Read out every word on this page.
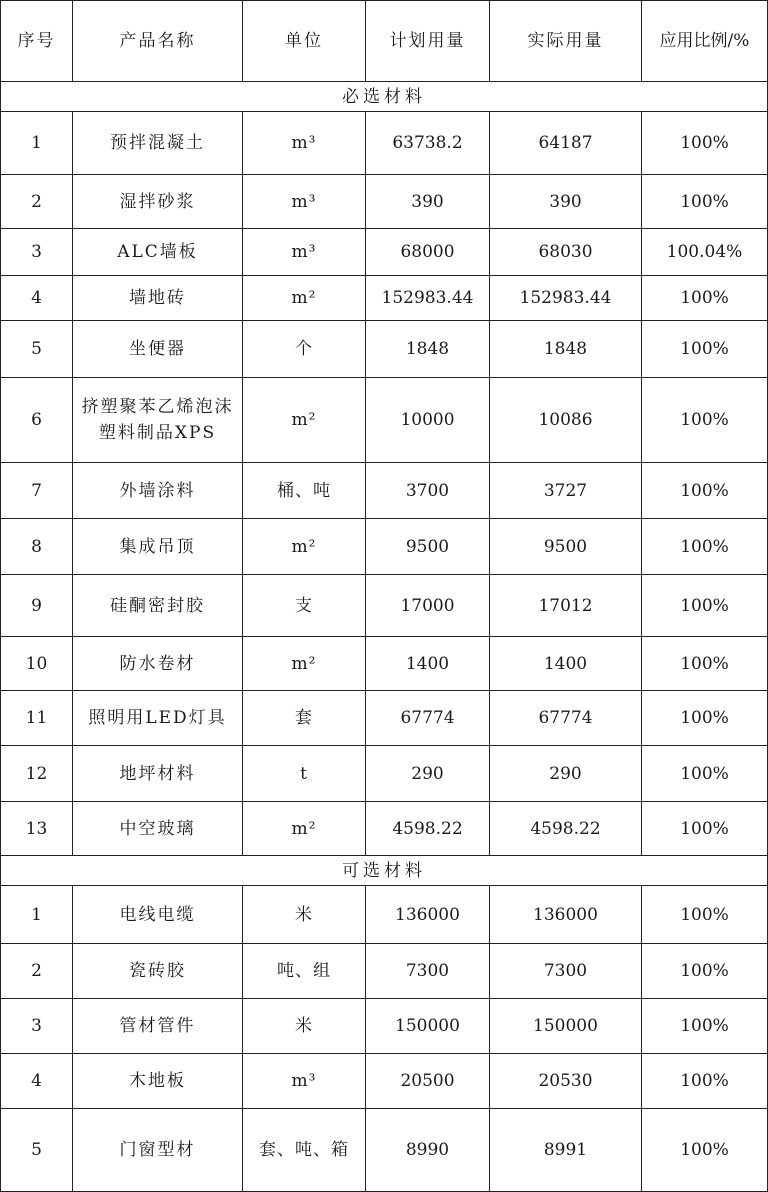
序号	产品名称	单位	计划用量	实际用量	应用比例/%
必选材料					
1	预拌混凝土	m³	63738.2	64187	100%
2	湿拌砂浆	m³	390	390	100%
3	ALC墙板	m³	68000	68030	100.04%
4	墙地砖	m²	152983.44	152983.44	100%
5	坐便器	个	1848	1848	100%
6	挤塑聚苯乙烯泡沫塑料制品XPS	m²	10000	10086	100%
7	外墙涂料	桶、吨	3700	3727	100%
8	集成吊顶	m²	9500	9500	100%
9	硅酮密封胶	支	17000	17012	100%
10	防水卷材	m²	1400	1400	100%
11	照明用LED灯具	套	67774	67774	100%
12	地坪材料	t	290	290	100%
13	中空玻璃	m²	4598.22	4598.22	100%
可选材料					
1	电线电缆	米	136000	136000	100%
2	瓷砖胶	吨、组	7300	7300	100%
3	管材管件	米	150000	150000	100%
4	木地板	m³	20500	20530	100%
5	门窗型材	套、吨、箱	8990	8991	100%
